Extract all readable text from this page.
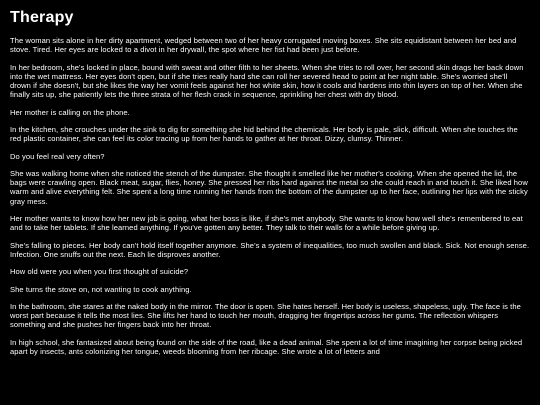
Therapy

The woman sits alone in her dirty apartment, wedged between two of her heavy corrugated moving boxes. She sits equidistant between her bed and stove. Tired. Her eyes are locked to a divot in her drywall, the spot where her fist had been just before.

In her bedroom, she's locked in place, bound with sweat and other filth to her sheets. When she tries to roll over, her second skin drags her back down into the wet mattress. Her eyes don't open, but if she tries really hard she can roll her severed head to point at her night table. She's worried she'll drown if she doesn't, but she likes the way her vomit feels against her hot white skin, how it cools and hardens into thin layers on top of her. When she finally sits up, she patiently lets the three strata of her flesh crack in sequence, sprinkling her chest with dry blood.

Her mother is calling on the phone.

In the kitchen, she crouches under the sink to dig for something she hid behind the chemicals. Her body is pale, slick, difficult. When she touches the red plastic container, she can feel its color tracing up from her hands to gather at her throat. Dizzy, clumsy. Thinner.

Do you feel real very often?

She was walking home when she noticed the stench of the dumpster. She thought it smelled like her mother's cooking. When she opened the lid, the bags were crawling open. Black meat, sugar, flies, honey. She pressed her ribs hard against the metal so she could reach in and touch it. She liked how warm and alive everything felt. She spent a long time running her hands from the bottom of the dumpster up to her face, outlining her lips with the sticky gray mess.

Her mother wants to know how her new job is going, what her boss is like, if she's met anybody. She wants to know how well she's remembered to eat and to take her tablets. If she learned anything. If you've gotten any better. They talk to their walls for a while before giving up.

She's falling to pieces. Her body can't hold itself together anymore. She's a system of inequalities, too much swollen and black. Sick. Not enough sense. Infection. One snuffs out the next. Each lie disproves another.

How old were you when you first thought of suicide?

She turns the stove on, not wanting to cook anything.

In the bathroom, she stares at the naked body in the mirror. The door is open. She hates herself. Her body is useless, shapeless, ugly. The face is the worst part because it tells the most lies. She lifts her hand to touch her mouth, dragging her fingertips across her gums. The reflection whispers something and she pushes her fingers back into her throat.

In high school, she fantasized about being found on the side of the road, like a dead animal. She spent a lot of time imagining her corpse being picked apart by insects, ants colonizing her tongue, weeds blooming from her ribcage. She wrote a lot of letters and
